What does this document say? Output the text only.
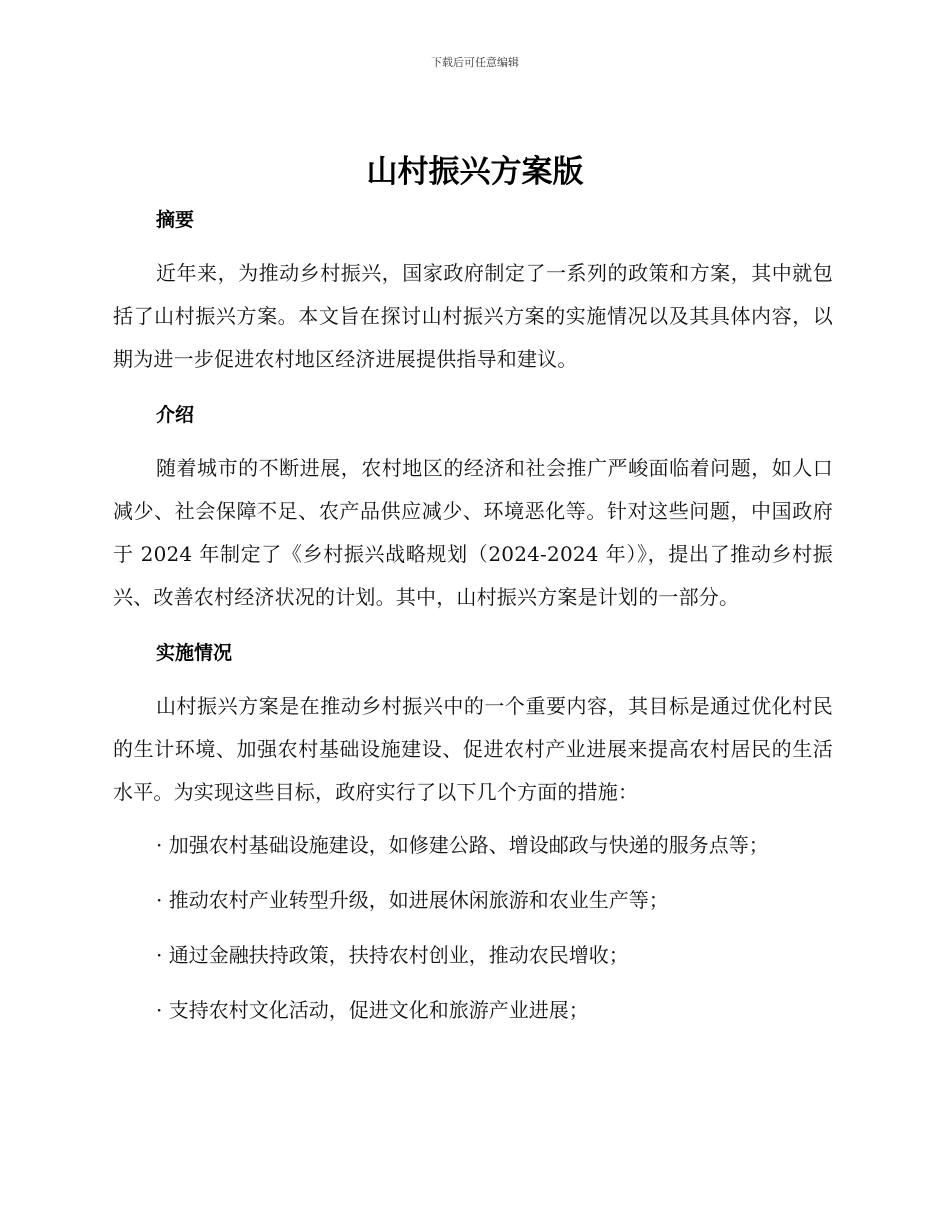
下载后可任意编辑
山村振兴方案版
摘要

近年来，为推动乡村振兴，国家政府制定了一系列的政策和方案，其中就包括了山村振兴方案。本文旨在探讨山村振兴方案的实施情况以及其具体内容，以期为进一步促进农村地区经济进展提供指导和建议。

介绍

随着城市的不断进展，农村地区的经济和社会推广严峻面临着问题，如人口减少、社会保障不足、农产品供应减少、环境恶化等。针对这些问题，中国政府于 2024 年制定了《乡村振兴战略规划（2024-2024 年）》，提出了推动乡村振兴、改善农村经济状况的计划。其中，山村振兴方案是计划的一部分。

实施情况

山村振兴方案是在推动乡村振兴中的一个重要内容，其目标是通过优化村民的生计环境、加强农村基础设施建设、促进农村产业进展来提高农村居民的生活水平。为实现这些目标，政府实行了以下几个方面的措施：

· 加强农村基础设施建设，如修建公路、增设邮政与快递的服务点等；

· 推动农村产业转型升级，如进展休闲旅游和农业生产等；

· 通过金融扶持政策，扶持农村创业，推动农民增收；

· 支持农村文化活动，促进文化和旅游产业进展；
